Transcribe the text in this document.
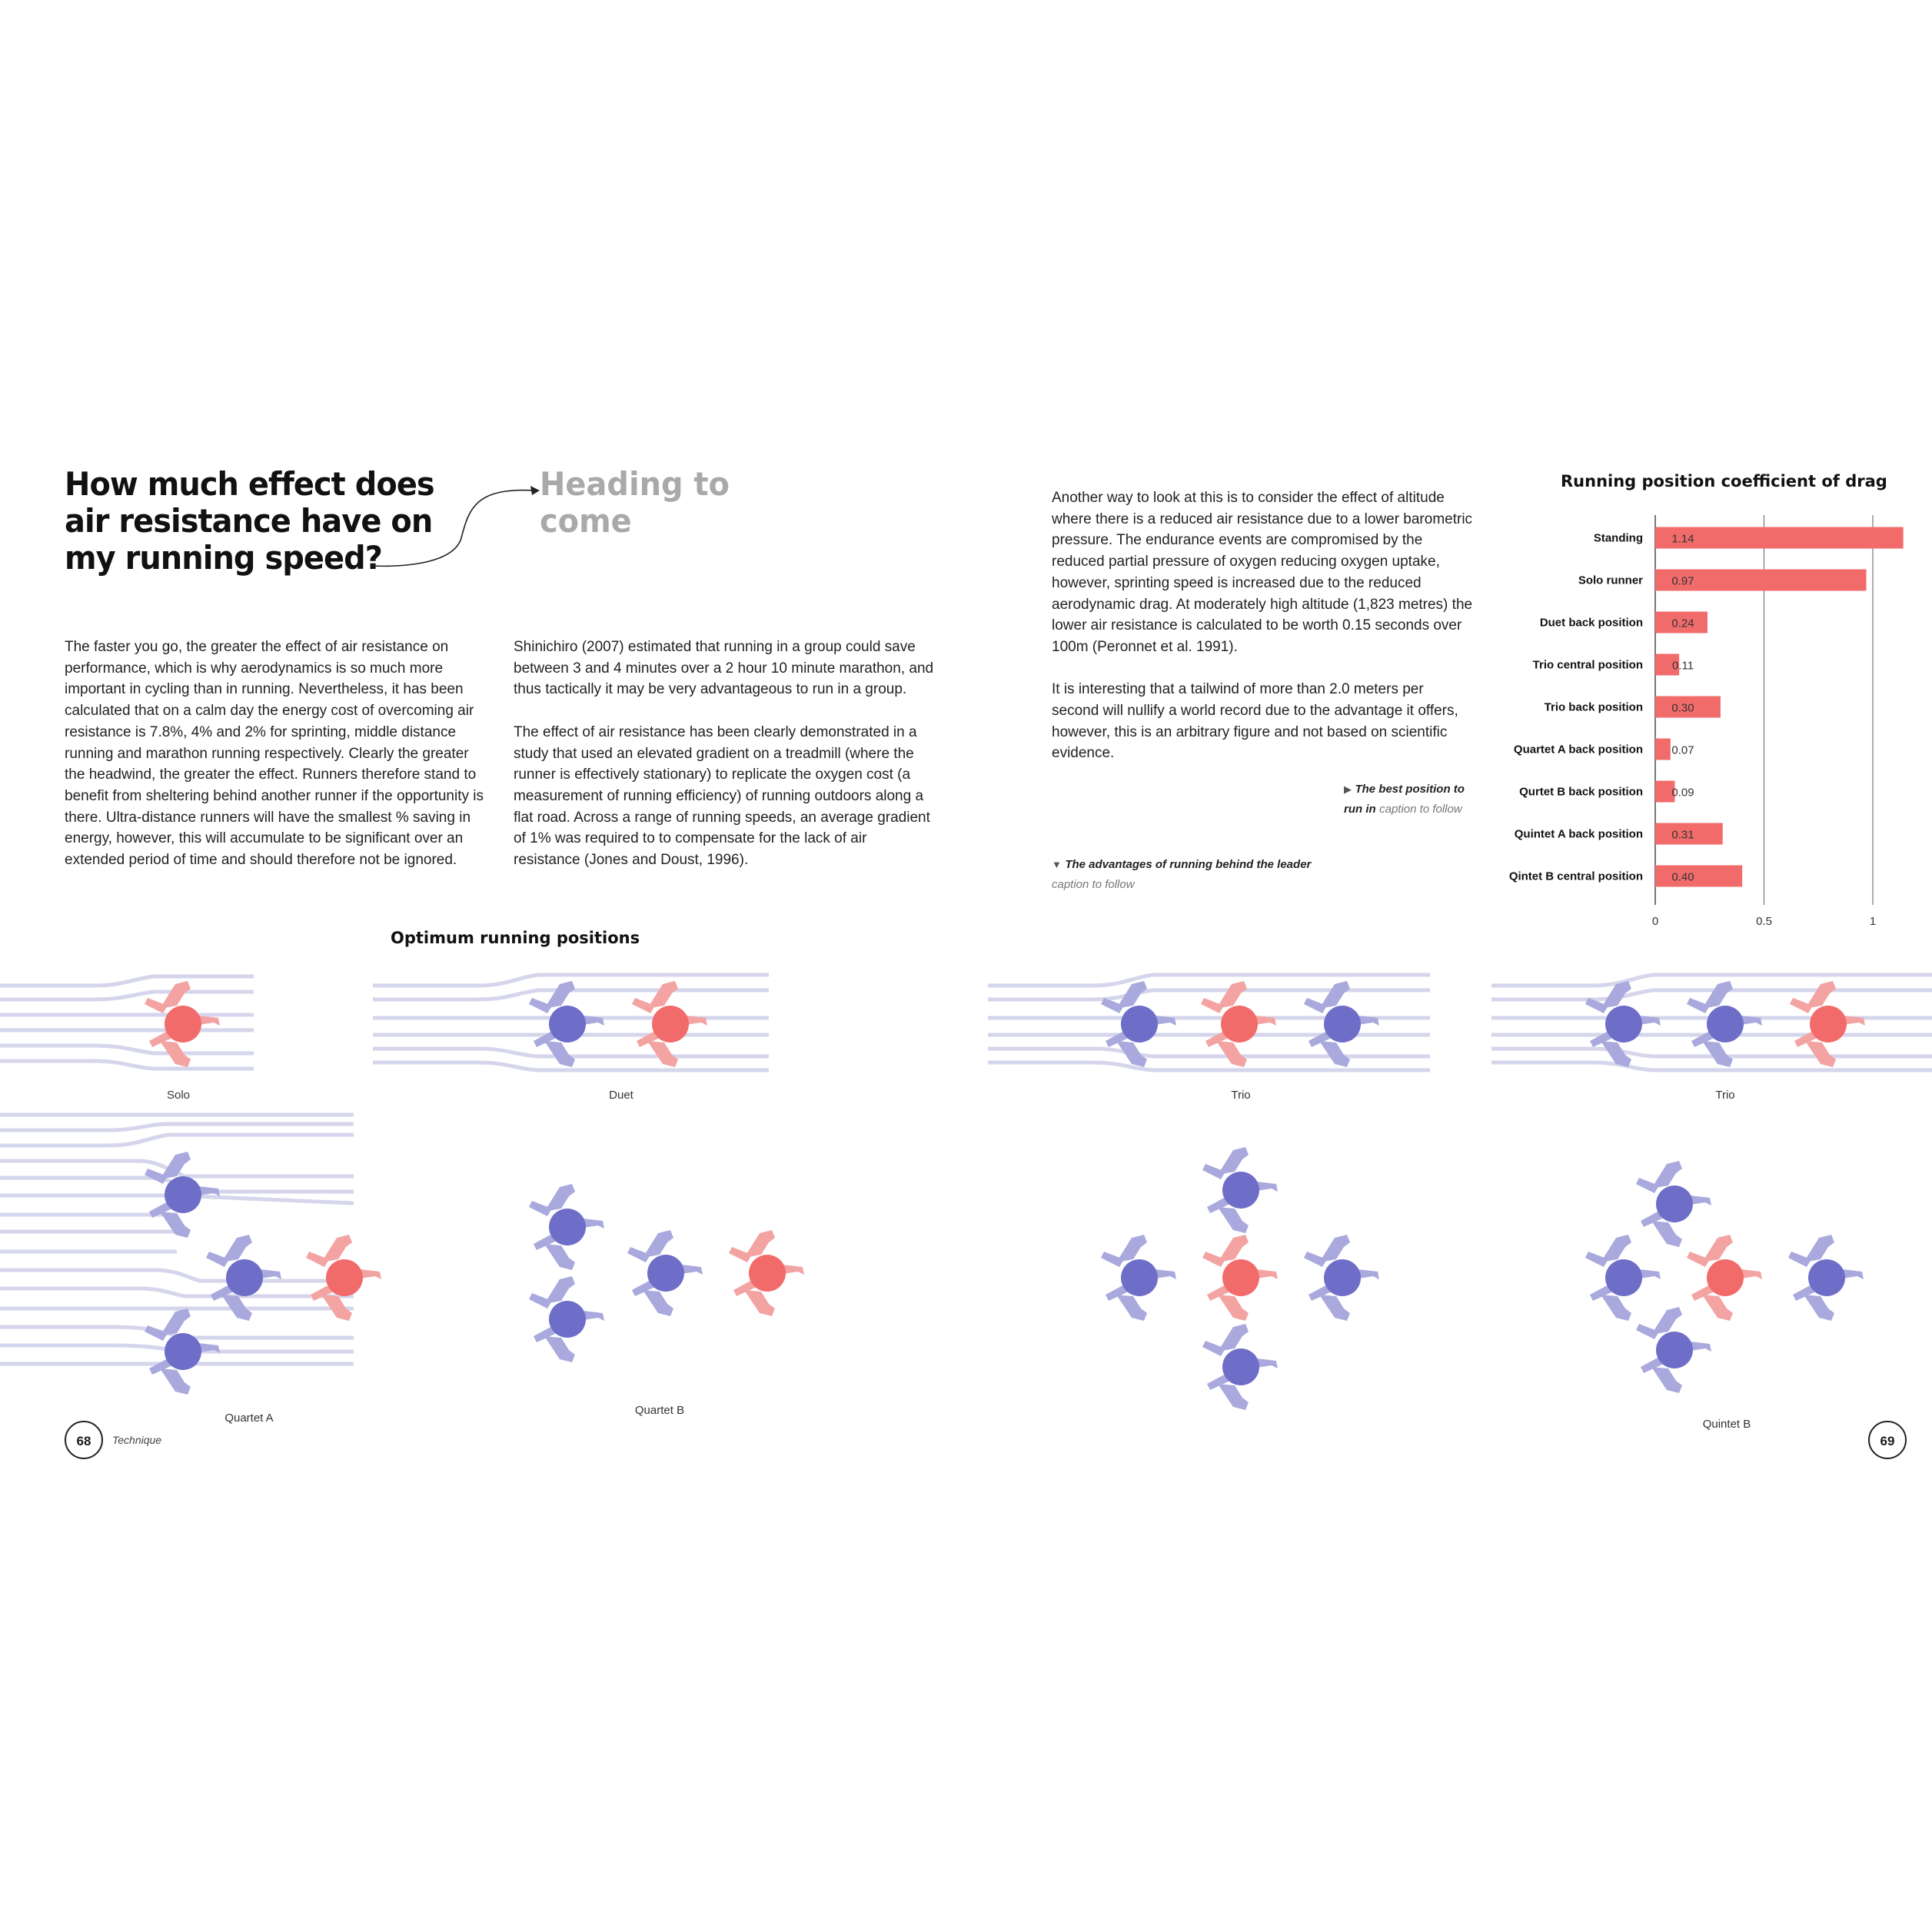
How much effect does
air resistance have on
my running speed?
Heading to
come

The faster you go, the greater the effect of air resistance on performance, which is why aerodynamics is so much more important in cycling than in running. Nevertheless, it has been calculated that on a calm day the energy cost of overcoming air resistance is 7.8%, 4% and 2% for sprinting, middle distance running and marathon running respectively. Clearly the greater the headwind, the greater the effect. Runners therefore stand to benefit from sheltering behind another runner if the opportunity is there. Ultra-distance runners will have the smallest % saving in energy, however, this will accumulate to be significant over an extended period of time and should therefore not be ignored.

Shinichiro (2007) estimated that running in a group could save between 3 and 4 minutes over a 2 hour 10 minute marathon, and thus tactically it may be very advantageous to run in a group.

The effect of air resistance has been clearly demonstrated in a study that used an elevated gradient on a treadmill (where the runner is effectively stationary) to replicate the oxygen cost (a measurement of running efficiency) of running outdoors along a flat road. Across a range of running speeds, an average gradient of 1% was required to to compensate for the lack of air resistance (Jones and Doust, 1996).

Another way to look at this is to consider the effect of altitude where there is a reduced air resistance due to a lower barometric pressure. The endurance events are compromised by the reduced partial pressure of oxygen reducing oxygen uptake, however, sprinting speed is increased due to the reduced aerodynamic drag. At moderately high altitude (1,823 metres) the lower air resistance is calculated to be worth 0.15 seconds over 100m (Peronnet et al. 1991).

It is interesting that a tailwind of more than 2.0 meters per second will nullify a world record due to the advantage it offers, however, this is an arbitrary figure and not based on scientific evidence.

▶ The best position to
run in caption to follow
▼ The advantages of running behind the leader
caption to follow
Running position coefficient of drag
0	0.5	1
Standing 1.14
Solo runner 0.97
Duet back position 0.24
Trio central position	0.11
Trio back position 0.30
Quartet A back position 0.07
Qurtet B back position 0.09
Quintet A back position 0.31
Qintet B central position 0.40
Optimum running positions
Solo	Duet	Trio	Trio
Quartet A
Quartet B
Quintet B
68	Technique	69
